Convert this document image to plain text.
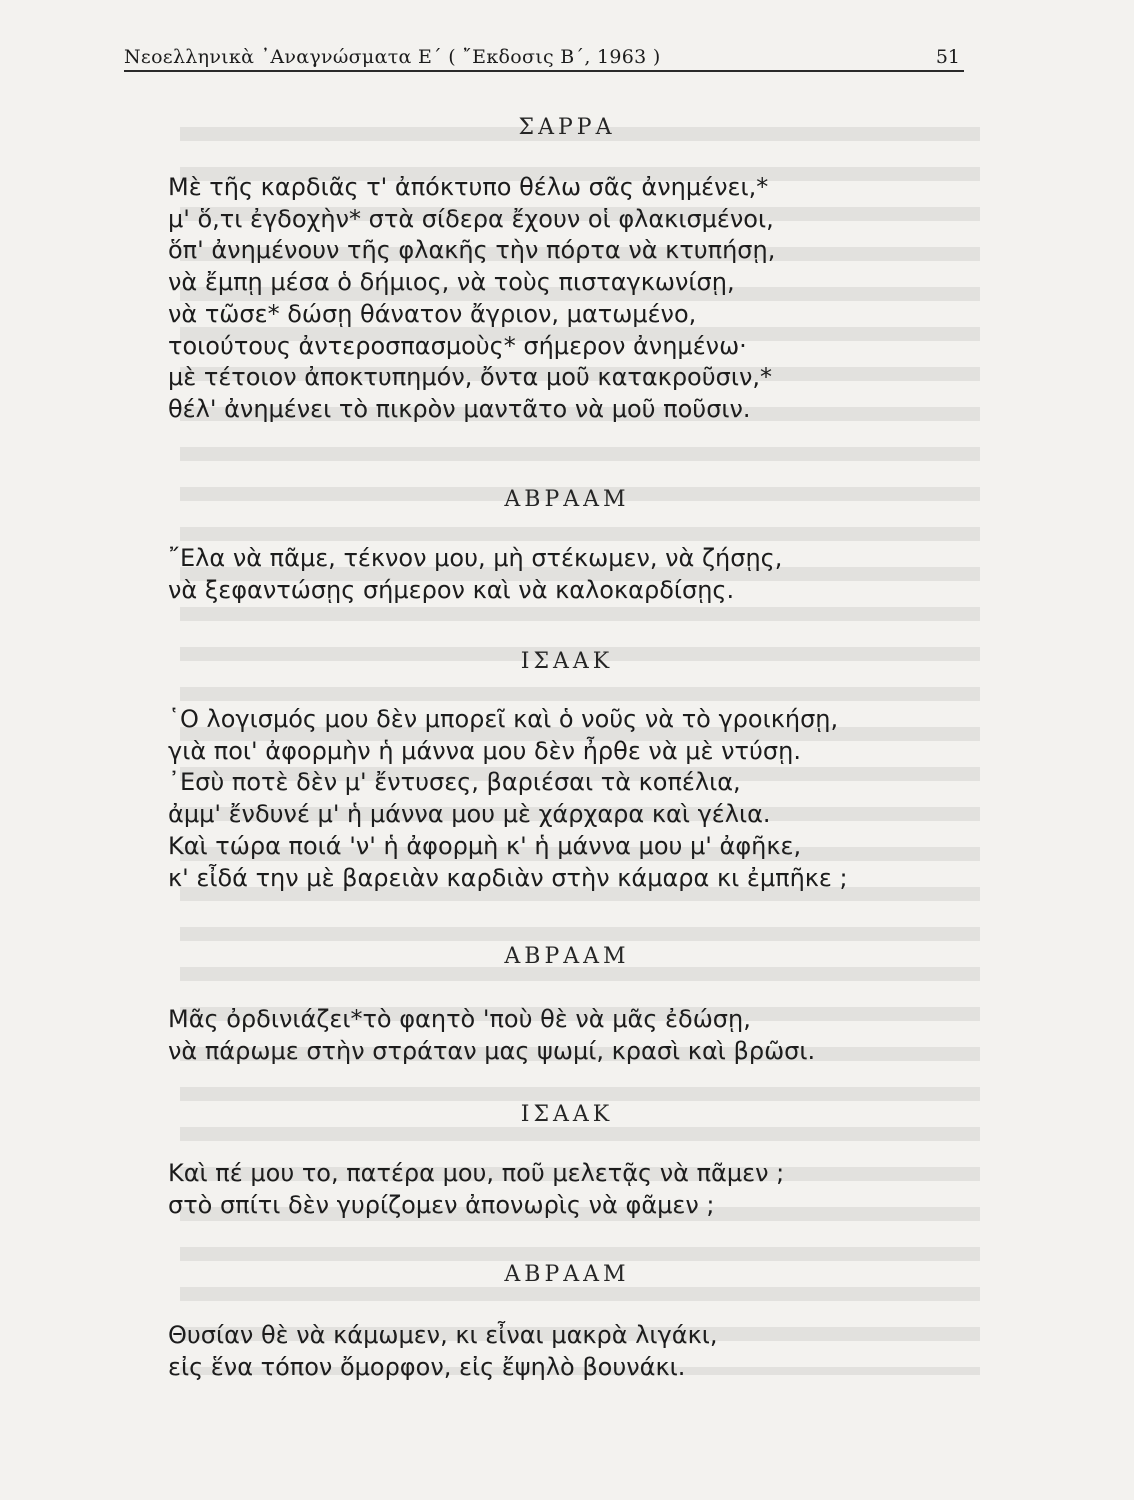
Νεοελληνικὰ ᾿Αναγνώσματα Ε΄ ( ῎Εκδοσις Β΄, 1963 )	51
ΣΑΡΡΑ
Μὲ τῆς καρδιᾶς τ' ἀπόκτυπο θέλω σᾶς ἀνημένει,*
μ' ὅ,τι ἐγδοχὴν* στὰ σίδερα ἔχουν οἱ φλακισμένοι,
ὅπ' ἀνημένουν τῆς φλακῆς τὴν πόρτα νὰ κτυπήσῃ,
νὰ ἔμπῃ μέσα ὁ δήμιος, νὰ τοὺς πισταγκωνίσῃ,
νὰ τῶσε* δώσῃ θάνατον ἄγριον, ματωμένο,
τοιούτους ἀντεροσπασμοὺς* σήμερον ἀνημένω·
μὲ τέτοιον ἀποκτυπημόν, ὄντα μοῦ κατακροῦσιν,*
θέλ' ἀνημένει τὸ πικρὸν μαντᾶτο νὰ μοῦ ποῦσιν.
ΑΒΡΑΑΜ
῎Ελα νὰ πᾶμε, τέκνον μου, μὴ στέκωμεν, νὰ ζήσῃς,
νὰ ξεφαντώσῃς σήμερον καὶ νὰ καλοκαρδίσῃς.
ΙΣΑΑΚ
῾Ο λογισμός μου δὲν μπορεῖ καὶ ὁ νοῦς νὰ τὸ γροικήσῃ,
γιὰ ποι' ἀφορμὴν ἡ μάννα μου δὲν ἦρθε νὰ μὲ ντύσῃ.
᾿Εσὺ ποτὲ δὲν μ' ἔντυσες, βαριέσαι τὰ κοπέλια,
ἀμμ' ἔνδυνέ μ' ἡ μάννα μου μὲ χάρχαρα καὶ γέλια.
Καὶ τώρα ποιά 'ν' ἡ ἀφορμὴ κ' ἡ μάννα μου μ' ἀφῆκε,
κ' εἶδά την μὲ βαρειὰν καρδιὰν στὴν κάμαρα κι ἐμπῆκε ;
ΑΒΡΑΑΜ
Μᾶς ὀρδινιάζει*τὸ φαητὸ 'ποὺ θὲ νὰ μᾶς ἐδώσῃ,
νὰ πάρωμε στὴν στράταν μας ψωμί, κρασὶ καὶ βρῶσι.
ΙΣΑΑΚ
Καὶ πέ μου το, πατέρα μου, ποῦ μελετᾷς νὰ πᾶμεν ;
στὸ σπίτι δὲν γυρίζομεν ἀπονωρὶς νὰ φᾶμεν ;
ΑΒΡΑΑΜ
Θυσίαν θὲ νὰ κάμωμεν, κι εἶναι μακρὰ λιγάκι,
εἰς ἕνα τόπον ὄμορφον, εἰς ἔψηλὸ βουνάκι.
